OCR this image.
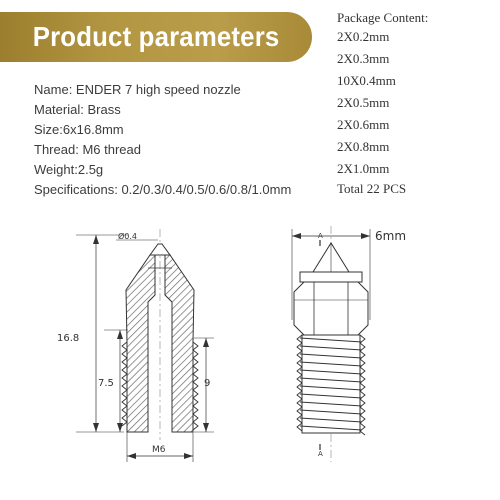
Product parameters
Package Content:
2X0.2mm
2X0.3mm
10X0.4mm
2X0.5mm
2X0.6mm
2X0.8mm
2X1.0mm
Total 22 PCS
Name : ENDER 7 high speed nozzle
Material : Brass
Size : 6x16.8mm
Thread : M6 thread
Weight : 2.5g
Specifications : 0.2/0.3/0.4/0.5/0.6/0.8/1.0mm
Ø0.4
16.8
7.5	9
M6
A
A
6mm
